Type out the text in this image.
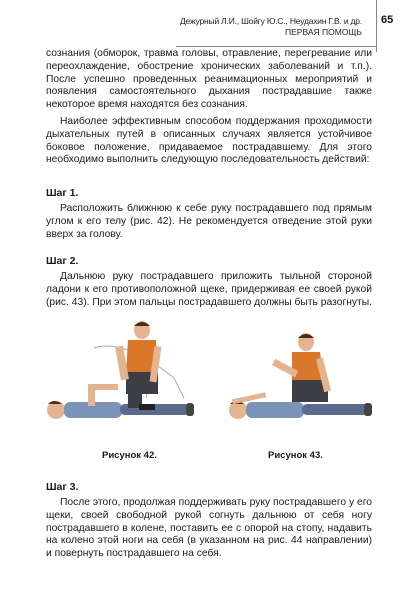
Дежурный Л.И., Шойгу Ю.С., Неудахин Г.В. и др.
ПЕРВАЯ ПОМОЩЬ
65

сознания (обморок, травма головы, отравление, перегревание или переохлаждение, обострение хронических заболеваний и т.п.). После успешно проведенных реанимационных мероприятий и появления самостоятельного дыхания пострадавшие также некоторое время находятся без сознания.

Наиболее эффективным способом поддержания проходимости дыхательных путей в описанных случаях является устойчивое боковое положение, придаваемое пострадавшему. Для этого необходимо выполнить следующую последовательность действий:

Шаг 1.

Расположить ближнюю к себе руку пострадавшего под прямым углом к его телу (рис. 42). Не рекомендуется отведение этой руки вверх за голову.

Шаг 2.

Дальнюю руку пострадавшего приложить тыльной стороной ладони к его противоположной щеке, придерживая ее своей рукой (рис. 43). При этом пальцы пострадавшего должны быть разогнуты.

Рисунок 42.	Рисунок 43.
Шаг 3.

После этого, продолжая поддерживать руку пострадавшего у его щеки, своей свободной рукой согнуть дальнюю от себя ногу пострадавшего в колене, поставить ее с опорой на стопу, надавить на колено этой ноги на себя (в указанном на рис. 44 направлении) и повернуть пострадавшего на себя.
